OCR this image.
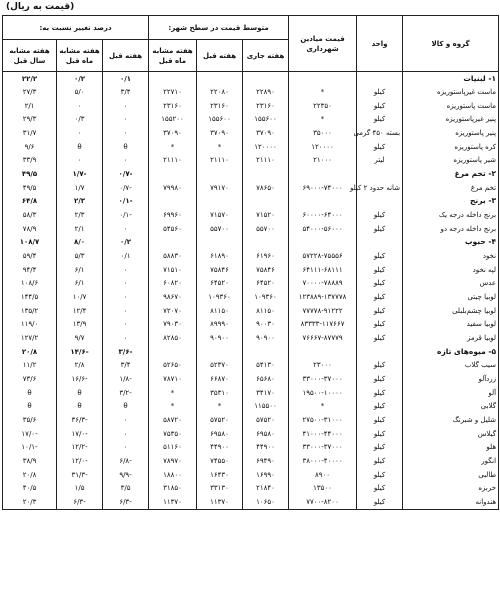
(قیمت به ریال)
گروه و کالا	واحد	قیمت میادین شهرداری	متوسط قیمت در سطح شهر:			درصد تغییر نسبت به:		
			هفته جاری	هفته قبل	هفته مشابه ماه قبل	هفته قبل	هفته مشابه ماه قبل	هفته مشابه سال قبل
۱- لبنیات						۰/۱	۰/۲	۲۲/۲
ماست غیرپاستوریزه	کیلو	*	۲۲۸۹۰	۲۲۰۸۰	۲۲۷۱۰	۳/۴	۵/۰	۲۷/۳
ماست پاستوریزه	کیلو	۲۲۳۵۰	۲۳۱۶۰	۲۳۱۶۰	۲۳۱۶۰	۰	۰	۲/۱
پنیر غیرپاستوریزه	کیلو	*	۱۵۵۶۰۰	۱۵۵۶۰۰	۱۵۵۲۰۰	۰	۰/۳	۲۹/۳
پنیر پاستوریزه	بسته ۴۵۰ گرمی	۳۵۰۰۰	۳۷۰۹۰	۳۷۰۹۰	۳۷۰۹۰	۰	۰	۳۱/۷
کره پاستوریزه	کیلو	۱۲۰۰۰۰	۱۲۰۰۰۰	*	*	θ	θ	۹/۶
شیر پاستوریزه	لیتر	۲۱۰۰۰	۲۱۱۱۰	۲۱۱۱۰	۲۱۱۱۰	۰	۰	۳۳/۹
۲- تخم مرغ						-۰/۷	-۱/۷	۴۹/۵
تخم مرغ	شانه حدود ۲ کیلو	۶۹۰۰۰-۷۴۰۰۰	۷۸۶۵۰	۷۹۱۷۰	۷۹۹۸۰	-۰/۷	۱/۷	۴۹/۵
۳- برنج						-۰/۱	۲/۳	۶۴/۸
برنج داخله درجه یک	کیلو	۶۰۰۰۰-۶۴۰۰۰	۷۱۵۲۰	۷۱۵۷۰	۶۹۹۶۰	-۰/۱	۲/۳	۵۸/۳
برنج داخله درجه دو	کیلو	۵۴۰۰۰-۵۶۰۰۰	۵۵۷۰۰	۵۵۷۰۰	۵۴۵۶۰	۰	۲/۱	۷۸/۹
۴- حبوب						۰/۲	۸/۰	۱۰۸/۷
نخود	کیلو	۵۷۲۲۸-۷۵۵۵۶	۶۱۹۶۰	۶۱۸۹۰	۵۸۸۳۰	۰/۱	۵/۳	۵۹/۴
لپه نخود	کیلو	۶۴۱۱۱-۶۸۱۱۱	۷۵۸۴۶	۷۵۸۴۶	۷۱۵۱۰	۰	۶/۱	۹۴/۴
عدس	کیلو	۷۰۰۰۰-۷۸۸۸۹	۶۴۵۲۰	۶۴۵۲۰	۶۰۸۲۰	۰	۶/۱	۱۰۸/۶
لوبیا چیتی	کیلو	۱۲۳۸۸۹-۱۳۷۷۷۸	۱۰۹۳۶۰	۱۰۹۳۶۰	۹۸۶۷۰	۰	۱۰/۷	۱۴۴/۵
لوبیا چشم‌بلبلی	کیلو	۷۷۷۷۸-۹۱۲۲۲	۸۱۱۵۰	۸۱۱۵۰	۷۲۰۷۰	۰	۱۲/۴	۱۳۵/۲
لوبیا سفید	کیلو	۸۳۳۳۳-۱۱۷۶۶۷	۹۰۰۳۰	۸۹۹۹۰	۷۹۰۳۰	۰	۱۳/۹	۱۱۹/۰
لوبیا قرمز	کیلو	۷۶۶۶۷-۸۷۷۷۹	۹۰۹۰۰	۹۰۹۰۰	۸۲۸۵۰	۰	۹/۷	۱۲۷/۲
۵- میوه‌های تازه						-۳/۶	-۱۴/۶	۲۰/۸
سیب گلاب	کیلو	۲۳۰۰۰	۵۴۱۳۰	۵۲۳۷۰	۵۲۶۵۰	۳/۴	۲/۸	۱۱/۲
زردآلو	کیلو	۳۳۰۰۰-۳۷۰۰۰	۶۵۶۸۰	۶۶۸۷۰	۷۸۷۱۰	-۱/۸	-۱۶/۶	۷۳/۶
آلو	کیلو	۱۹۵۰۰-۱۰۰۰۰	۳۴۱۷۰	۳۵۳۱۰	*	-۳/۲	θ	θ
گلابی	کیلو	*	۱۱۵۵۰۰	*	*	θ	θ	θ
شلیل و شبرنگ	کیلو	۲۷۵۰۰-۳۱۰۰۰	۵۷۵۲۰	۵۷۵۲۰	۵۸۷۲۰	۰	-۳۶/۳	۳۵/۶
گیلاس	کیلو	۴۱۰۰۰-۴۴۰۰۰	۶۹۵۸۰	۶۹۵۸۰	۷۵۳۵۰	۰	-۱۷/۰	-۱۷/۰
هلو	کیلو	۳۳۰۰۰-۳۷۰۰۰	۴۴۹۰۰	۴۴۹۰۰	۵۱۱۶۰	۰	-۱۲/۲	-۱۰/۱
انگور	کیلو	۳۸۰۰۰-۴۰۰۰۰	۶۹۴۹۰	۷۴۵۵۰	۷۸۹۷۰	-۶/۸	-۱۲/۰	۳۸/۹
طالبی	کیلو	۸۹۰۰	۱۶۹۹۰	۱۶۴۳۰	۱۸۸۰۰	-۹/۹	-۳۱/۳	۲۰/۸
خربزه	کیلو	۱۳۵۰۰	۲۱۸۴۰	۳۳۱۳۰	۳۱۸۵۰	۳/۵	۱/۵	۴۰/۵
هندوانه	کیلو	۷۷۰۰-۸۲۰۰	۱۰۶۵۰	۱۱۳۷۰	۱۱۳۷۰	-۶/۳	-۶/۳	۲۰/۳
